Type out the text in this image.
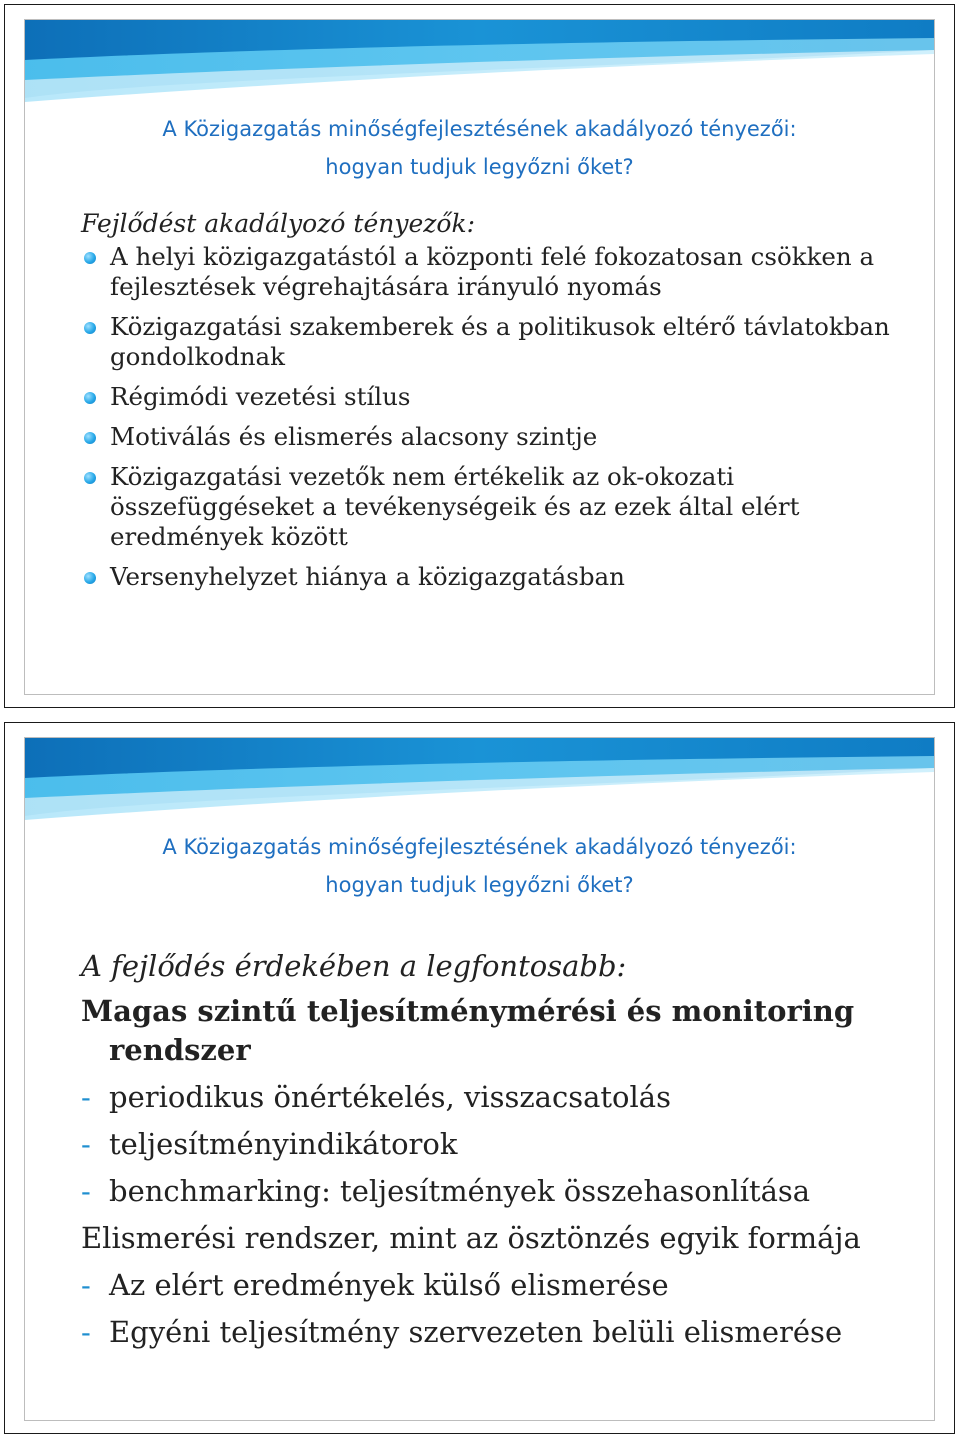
A Közigazgatás minőségfejlesztésének akadályozó tényezői:
hogyan tudjuk legyőzni őket?

Fejlődést akadályozó tényezők:

A helyi közigazgatástól a központi felé fokozatosan csökken a fejlesztések végrehajtására irányuló nyomás
Közigazgatási szakemberek és a politikusok eltérő távlatokban gondolkodnak
Régimódi vezetési stílus
Motiválás és elismerés alacsony szintje
Közigazgatási vezetők nem értékelik az ok-okozati összefüggéseket a tevékenységeik és az ezek által elért eredmények között
Versenyhelyzet hiánya a közigazgatásban
A Közigazgatás minőségfejlesztésének akadályozó tényezői:
hogyan tudjuk legyőzni őket?

A fejlődés érdekében a legfontosabb:

Magas szintű teljesítménymérési és monitoring rendszer

- periodikus önértékelés, visszacsatolás

- teljesítményindikátorok

- benchmarking: teljesítmények összehasonlítása

Elismerési rendszer, mint az ösztönzés egyik formája

- Az elért eredmények külső elismerése

- Egyéni teljesítmény szervezeten belüli elismerése
